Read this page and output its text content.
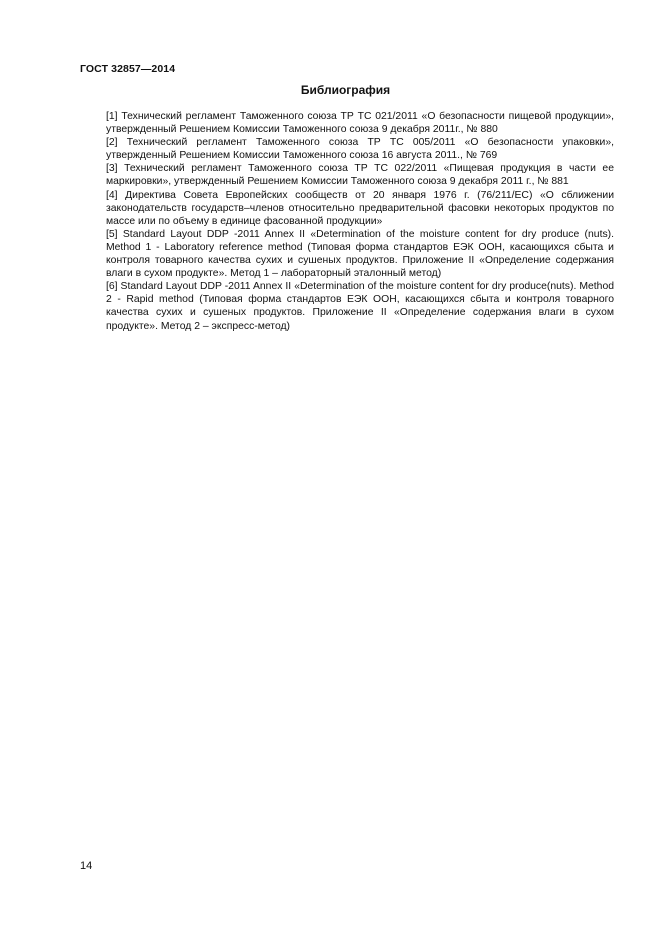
ГОСТ 32857—2014
Библиография
[1] Технический регламент Таможенного союза ТР ТС 021/2011 «О безопасности пищевой продукции», утвержденный Решением Комиссии Таможенного союза 9 декабря 2011г., № 880
[2] Технический регламент Таможенного союза ТР ТС 005/2011 «О безопасности упаковки», утвержденный Решением Комиссии Таможенного союза 16 августа 2011., № 769
[3] Технический регламент Таможенного союза ТР ТС 022/2011 «Пищевая продукция в части ее маркировки», утвержденный Решением Комиссии Таможенного союза 9 декабря 2011 г., № 881
[4] Директива Совета Европейских сообществ от 20 января 1976 г. (76/211/ЕС) «О сближении законодательств государств–членов относительно предварительной фасовки некоторых продуктов по массе или по объему в единице фасованной продукции»
[5] Standard Layout DDP -2011 Annex II «Determination of the moisture content for dry produce (nuts). Method 1 - Laboratory reference method (Типовая форма стандартов ЕЭК ООН, касающихся сбыта и контроля товарного качества сухих и сушеных продуктов. Приложение II «Определение содержания влаги в сухом продукте». Метод 1 – лабораторный эталонный метод)
[6] Standard Layout DDP -2011 Annex II «Determination of the moisture content for dry produce(nuts). Method 2 - Rapid method (Типовая форма стандартов ЕЭК ООН, касающихся сбыта и контроля товарного качества сухих и сушеных продуктов. Приложение II «Определение содержания влаги в сухом продукте». Метод 2 – экспресс-метод)
14
